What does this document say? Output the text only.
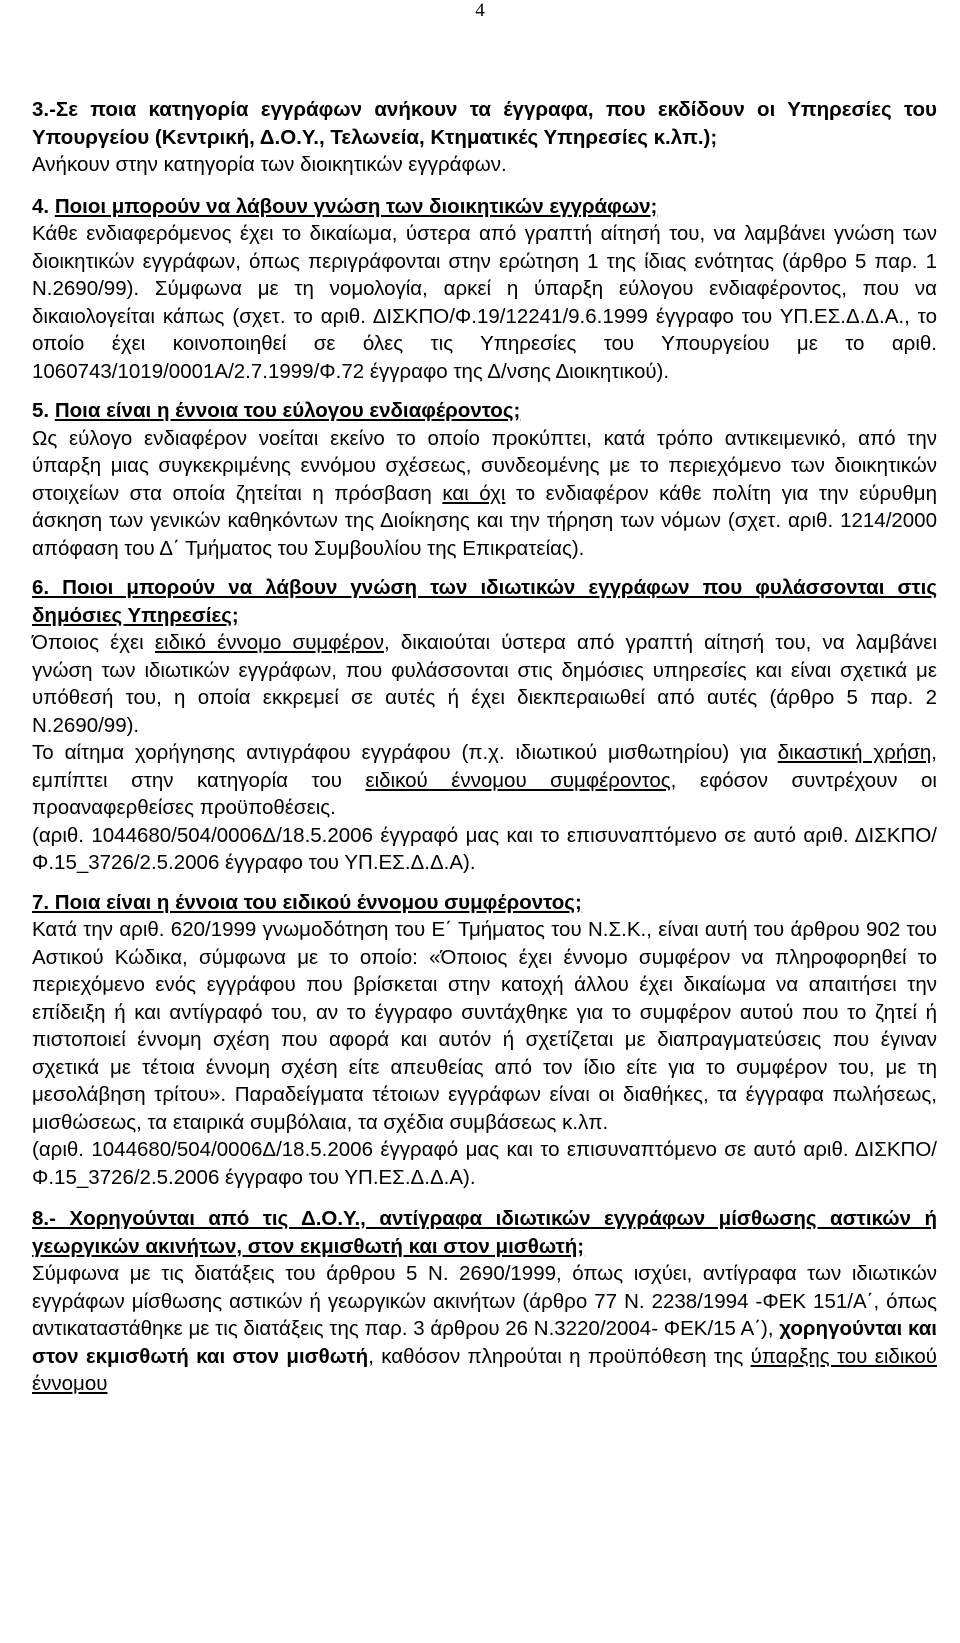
4

3.-Σε ποια κατηγορία εγγράφων ανήκουν τα έγγραφα, που εκδίδουν οι Υπηρεσίες του Υπουργείου (Κεντρική, Δ.Ο.Υ., Τελωνεία, Κτηματικές Υπηρεσίες κ.λπ.);

Ανήκουν στην κατηγορία των διοικητικών εγγράφων.

4. Ποιοι μπορούν να λάβουν γνώση των διοικητικών εγγράφων;

Κάθε ενδιαφερόμενος έχει το δικαίωμα, ύστερα από γραπτή αίτησή του, να λαμβάνει γνώση των διοικητικών εγγράφων, όπως περιγράφονται στην ερώτηση 1 της ίδιας ενότητας (άρθρο 5 παρ. 1 Ν.2690/99). Σύμφωνα με τη νομολογία, αρκεί η ύπαρξη εύλογου ενδιαφέροντος, που να δικαιολογείται κάπως (σχετ. το αριθ. ΔΙΣΚΠΟ/Φ.19/12241/9.6.1999 έγγραφο του ΥΠ.ΕΣ.Δ.Δ.Α., το οποίο έχει κοινοποιηθεί σε όλες τις Υπηρεσίες του Υπουργείου με το αριθ. 1060743/1019/0001Α/2.7.1999/Φ.72 έγγραφο της Δ/νσης Διοικητικού).

5. Ποια είναι η έννοια του εύλογου ενδιαφέροντος;

Ως εύλογο ενδιαφέρον νοείται εκείνο το οποίο προκύπτει, κατά τρόπο αντικειμενικό, από την ύπαρξη μιας συγκεκριμένης εννόμου σχέσεως, συνδεομένης με το περιεχόμενο των διοικητικών στοιχείων στα οποία ζητείται η πρόσβαση και όχι το ενδιαφέρον κάθε πολίτη για την εύρυθμη άσκηση των γενικών καθηκόντων της Διοίκησης και την τήρηση των νόμων (σχετ. αριθ. 1214/2000 απόφαση του Δ΄ Τμήματος του Συμβουλίου της Επικρατείας).

6. Ποιοι μπορούν να λάβουν γνώση των ιδιωτικών εγγράφων που φυλάσσονται στις δημόσιες Υπηρεσίες;

Όποιος έχει ειδικό έννομο συμφέρον, δικαιούται ύστερα από γραπτή αίτησή του, να λαμβάνει γνώση των ιδιωτικών εγγράφων, που φυλάσσονται στις δημόσιες υπηρεσίες και είναι σχετικά με υπόθεσή του, η οποία εκκρεμεί σε αυτές ή έχει διεκπεραιωθεί από αυτές (άρθρο 5 παρ. 2 Ν.2690/99).

Το αίτημα χορήγησης αντιγράφου εγγράφου (π.χ. ιδιωτικού μισθωτηρίου) για δικαστική χρήση, εμπίπτει στην κατηγορία του ειδικού έννομου συμφέροντος, εφόσον συντρέχουν οι προαναφερθείσες προϋποθέσεις.

(αριθ. 1044680/504/0006Δ/18.5.2006 έγγραφό μας και το επισυναπτόμενο σε αυτό αριθ. ΔΙΣΚΠΟ/Φ.15_3726/2.5.2006 έγγραφο του ΥΠ.ΕΣ.Δ.Δ.Α).

7. Ποια είναι η έννοια του ειδικού έννομου συμφέροντος;

Κατά την αριθ. 620/1999 γνωμοδότηση του Ε΄ Τμήματος του Ν.Σ.Κ., είναι αυτή του άρθρου 902 του Αστικού Κώδικα, σύμφωνα με το οποίο: «Όποιος έχει έννομο συμφέρον να πληροφορηθεί το περιεχόμενο ενός εγγράφου που βρίσκεται στην κατοχή άλλου έχει δικαίωμα να απαιτήσει την επίδειξη ή και αντίγραφό του, αν το έγγραφο συντάχθηκε για το συμφέρον αυτού που το ζητεί ή πιστοποιεί έννομη σχέση που αφορά και αυτόν ή σχετίζεται με διαπραγματεύσεις που έγιναν σχετικά με τέτοια έννομη σχέση είτε απευθείας από τον ίδιο είτε για το συμφέρον του, με τη μεσολάβηση τρίτου». Παραδείγματα τέτοιων εγγράφων είναι οι διαθήκες, τα έγγραφα πωλήσεως, μισθώσεως, τα εταιρικά συμβόλαια, τα σχέδια συμβάσεως κ.λπ.

(αριθ. 1044680/504/0006Δ/18.5.2006 έγγραφό μας και το επισυναπτόμενο σε αυτό αριθ. ΔΙΣΚΠΟ/Φ.15_3726/2.5.2006 έγγραφο του ΥΠ.ΕΣ.Δ.Δ.Α).

8.- Χορηγούνται από τις Δ.Ο.Υ., αντίγραφα ιδιωτικών εγγράφων μίσθωσης αστικών ή γεωργικών ακινήτων, στον εκμισθωτή και στον μισθωτή;

Σύμφωνα με τις διατάξεις του άρθρου 5 Ν. 2690/1999, όπως ισχύει, αντίγραφα των ιδιωτικών εγγράφων μίσθωσης αστικών ή γεωργικών ακινήτων (άρθρο 77 Ν. 2238/1994 -ΦΕΚ 151/Α΄, όπως αντικαταστάθηκε με τις διατάξεις της παρ. 3 άρθρου 26 Ν.3220/2004- ΦΕΚ/15 Α΄), χορηγούνται και στον εκμισθωτή και στον μισθωτή, καθόσον πληρούται η προϋπόθεση της ύπαρξης του ειδικού έννομου
